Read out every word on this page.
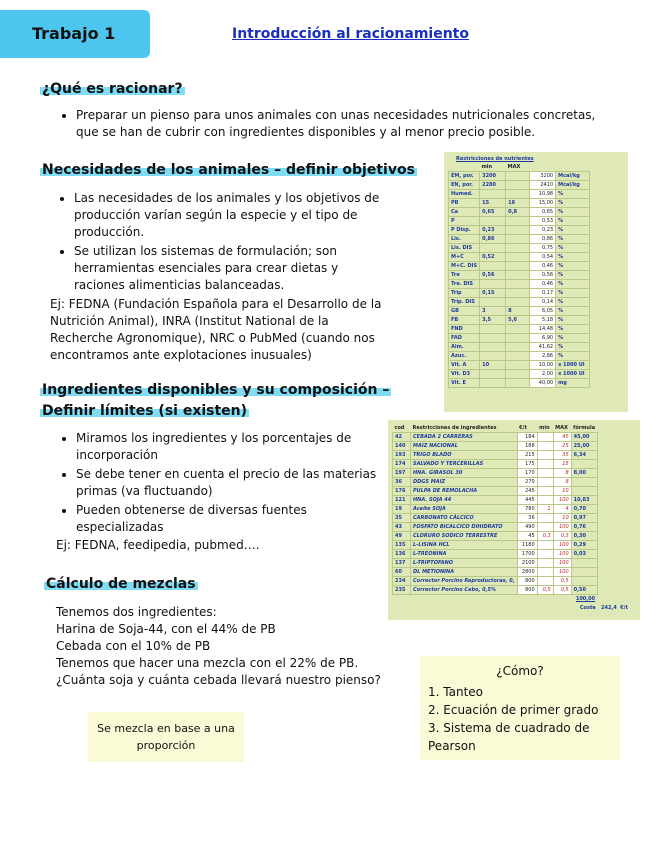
Trabajo 1	Introducción al racionamiento
¿Qué es racionar?
• Preparar un pienso para unos animales con unas necesidades nutricionales concretas, que se han de cubrir con ingredientes disponibles y al menor precio posible.
Necesidades de los animales – definir objetivos
• Las necesidades de los animales y los objetivos de producción varían según la especie y el tipo de producción.
• Se utilizan los sistemas de formulación; son herramientas esenciales para crear dietas y raciones alimenticias balanceadas.
Ej: FEDNA (Fundación Española para el Desarrollo de la Nutrición Animal), INRA (Institut National de la Recherche Agronomique), NRC o PubMed (cuando nos encontramos ante explotaciones inusuales)
Ingredientes disponibles y su composición –
Definir límites (si existen)
• Miramos los ingredientes y los porcentajes de incorporación
• Se debe tener en cuenta el precio de las materias primas (va fluctuando)
• Pueden obtenerse de diversas fuentes especializadas
Ej: FEDNA, feedipedia, pubmed….
Cálculo de mezclas
Tenemos dos ingredientes:
Harina de Soja-44, con el 44% de PB
Cebada con el 10% de PB
Tenemos que hacer una mezcla con el 22% de PB.
¿Cuánta soja y cuánta cebada llevará nuestro pienso?
Se mezcla en base a una proporción
¿Cómo?
1. Tanteo
2. Ecuación de primer grado
3. Sistema de cuadrado de Pearson
Restricciones de nutrientes
	min	MAX		
EM, por.	3200		3200	Mcal/kg
EN, por.	2280		2410	Mcal/kg
Humed.			10,98	%
PB	15	16	15,00	%
Ca	0,65	0,8	0,65	%
P			0,53	%
P Disp.	0,23		0,23	%
Lis.	0,86		0,86	%
Lis. DIS			0,75	%
M+C	0,52		0,54	%
M+C. DIS			0,46	%
Tre	0,56		0,56	%
Tre. DIS			0,46	%
Trip	0,15		0,17	%
Trip. DIS			0,14	%
GB	3	8	6,05	%
FB	3,5	5,6	5,18	%
FND			14,48	%
FAD			6,90	%
Alm.			41,62	%
Azuc.			2,86	%
Vit. A	10		10,00	x 1000 UI
Vit. D3			2,00	x 1000 UI
Vit. E			40,00	mg
cod	Restricciones de ingredientes	€/t	min	MAX	fórmula
42	CEBADA 2 CARRERAS	184		45	45,00
140	MAIZ NACIONAL	188		25	25,00
193	TRIGO BLADO	215		35	6,34
174	SALVADO Y TERCERILLAS	175		15	
197	HNA. GIRASOL 30	170		8	8,00
36	DDGS MAIZ	270		8	
176	PULPA DE REMOLACHA	245		10	
121	HNA. SOJA 44	445		100	10,83
19	Aceite SOJA	780	1	4	0,70
35	CARBONATO CÁLCICO	36		10	0,97
43	FOSFATO BICALCICO DIHIDRATO	490		100	0,76
49	CLORURO SODICO TERRESTRE	45	0,3	0,3	0,30
135	L-LISINA HCL	1180		100	0,29
136	L-TREONINA	1700		100	0,03
137	L-TRIPTOFANO	2100		100	
60	DL METIONINA	2800		100	
234	Corrector Porcino Reproductoras, 0,	800		0,5	
235	Corrector Porcino Cebo, 0,5%	800	0,5	0,5	0,50
					100,00
Coste 242,4 €/t
